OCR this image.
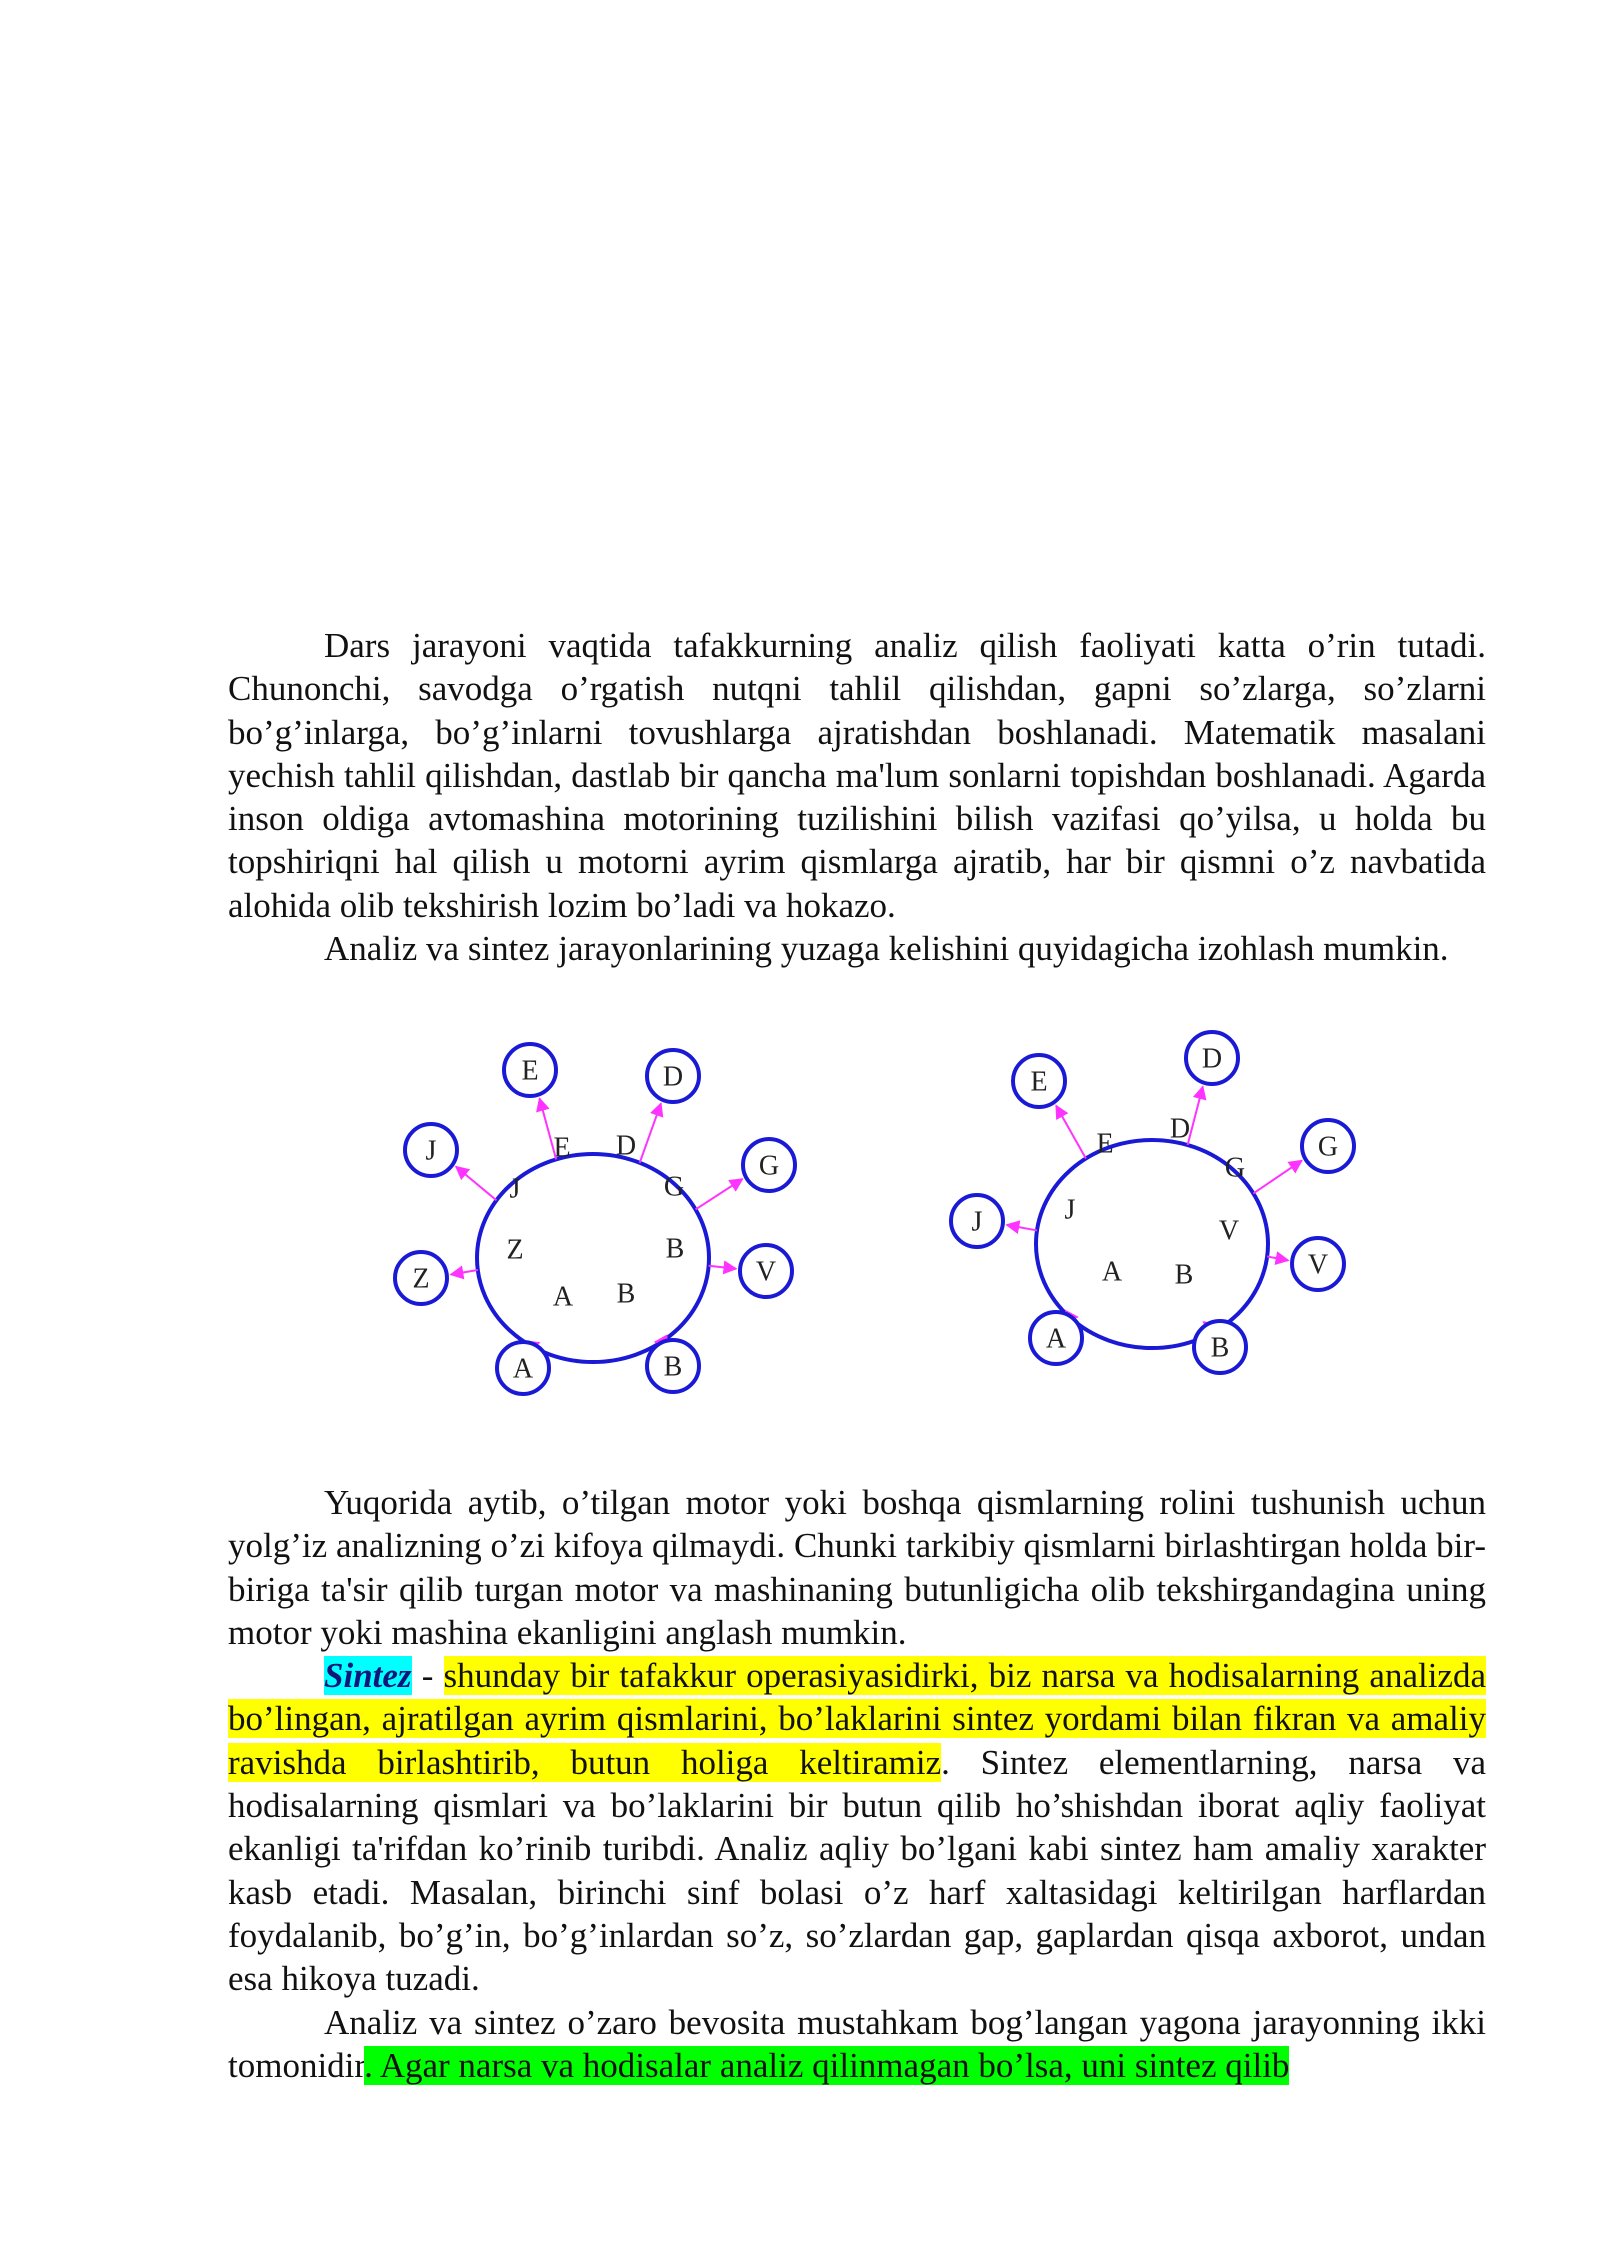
Dars jarayoni vaqtida tafakkurning analiz qilish faoliyati katta o’rin tutadi. Chunonchi, savodga o’rgatish nutqni tahlil qilishdan, gapni so’zlarga, so’zlarni bo’g’inlarga, bo’g’inlarni tovushlarga ajratishdan boshlanadi. Matematik masalani yechish tahlil qilishdan, dastlab bir qancha ma'lum sonlarni topishdan boshlanadi. Agarda inson oldiga avtomashina motorining tuzilishini bilish vazifasi qo’yilsa, u holda bu topshiriqni hal qilish u motorni ayrim qismlarga ajratib, har bir qismni o’z navbatida alohida olib tekshirish lozim bo’ladi va hokazo.

Analiz va sintez jarayonlarining yuzaga kelishini quyidagicha izohlash mumkin.

E D
J	G
Z	B
A B
E	D
J	G
Z	V
A	B
E D
G
J
V
A B
E
D
G
J
V
A	B

Yuqorida aytib, o’tilgan motor yoki boshqa qismlarning rolini tushunish uchun yolg’iz analizning o’zi kifoya qilmaydi. Chunki tarkibiy qismlarni birlashtirgan holda bir-biriga ta'sir qilib turgan motor va mashinaning butunligicha olib tekshirgandagina uning motor yoki mashina ekanligini anglash mumkin.

Sintez - shunday bir tafakkur operasiyasidirki, biz narsa va hodisalarning analizda bo’lingan, ajratilgan ayrim qismlarini, bo’laklarini sintez yordami bilan fikran va amaliy ravishda birlashtirib, butun holiga keltiramiz. Sintez elementlarning, narsa va hodisalarning qismlari va bo’laklarini bir butun qilib ho’shishdan iborat aqliy faoliyat ekanligi ta'rifdan ko’rinib turibdi. Analiz aqliy bo’lgani kabi sintez ham amaliy xarakter kasb etadi. Masalan, birinchi sinf bolasi o’z harf xaltasidagi keltirilgan harflardan foydalanib, bo’g’in, bo’g’inlardan so’z, so’zlardan gap, gaplardan qisqa axborot, undan esa hikoya tuzadi.

Analiz va sintez o’zaro bevosita mustahkam bog’langan yagona jarayonning ikki tomonidir. Agar narsa va hodisalar analiz qilinmagan bo’lsa, uni sintez qilib
